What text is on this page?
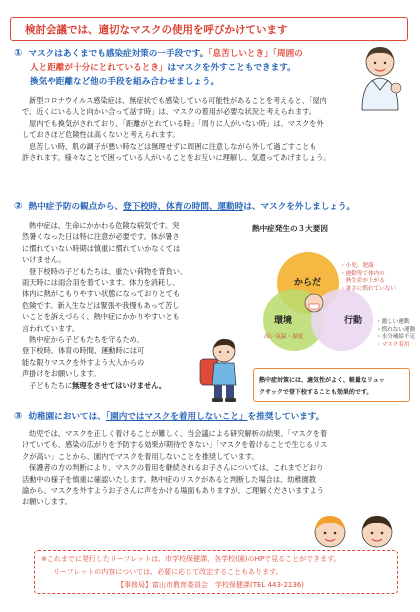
検討会議では、適切なマスクの使用を呼びかけています
① マスクはあくまでも感染症対策の一手段です。「息苦しいとき」「周囲の
人と距離が十分にとれているとき」はマスクを外すこともできます。
換気や距離など他の手段を組み合わせましょう。
新型コロナウイルス感染症は、無症状でも感染している可能性があることを考えると、「屋内
で、近くにいる人と向かい合って話す時」は、マスクの着用が必要な状況と考えられます。
屋内でも換気がされており、「距離がとれている時」「周りに人がいない時」は、マスクを外
しておさほど危険性は高くないと考えられます。
息苦しい時、肌の調子が悪い時などは無理せずに周囲に注意しながら外して過ごすことも
許されます。様々なことで困っている人がいることをお互いに理解し、気遣ってあげましょう。
② 熱中症予防の観点から、登下校時、体育の時間、運動時は、マスクを外しましょう。
熱中症は、生命にかかわる危険な病気です。突
然暑くなった日は特に注意が必要です。体が暑さ
に慣れていない時期は慎重に慣れていかなくては
いけません。
登下校時の子どもたちは、重たい荷物を背負い、
雨天時には雨合羽を着ています。体力を消耗し、
体内に熱がこもりやすい状態になっておりとても
危険です。新入生などは緊張や我慢もあって苦し
いことを訴えづらく、熱中症にかかりやすいとも
言われています。
熱中症から子どもたちを守るため、
登下校時、体育の時間、運動時には可
能な限りマスクを外すよう大人からの
声掛けをお願いします。
子どもたちに無理をさせてはいけません。
熱中症発生の３大要因
からだ
・小児、肥満
・運動等で体内の
　熱生産が上がる
・暑さに慣れていない
環境
高い気温・湿度
行動 ・激しい運動
・慣れない運動
・水分補給不足
・マスク着用
熱中症対策には、適気性がよく、軽量なリュッ
クサックで登下校することも効果的です。
③ 幼稚園においては、「園内ではマスクを着用しないこと」を推奨しています。
幼児では、マスクを正しく着けることが難しく、当会議による研究解析の結果、「マスクを着
けていても、感染の広がりを予防する効果が期待できない」「マスクを着けることで生じるリス
クが高い」ことから、園内でマスクを着用しないことを推奨しています。
保護者の方の判断により、マスクの着用を継続されるお子さんについては、これまでどおり
活動中の様子を慎重に確認いたします。熱中症のリスクがあると判断した場合は、幼稚園教
諭から、マスクを外すようお子さんに声をかける場面もありますが、ご理解くださいますよう
お願いします。
※これまでに発行したリーフレットは、市学校保健課、各学校(園)のHPで見ることができます。
リーフレットの内容については、必要に応じて改定することもあります。
【事務局】富山市教育委員会　学校保健課(TEL 443-2136)
